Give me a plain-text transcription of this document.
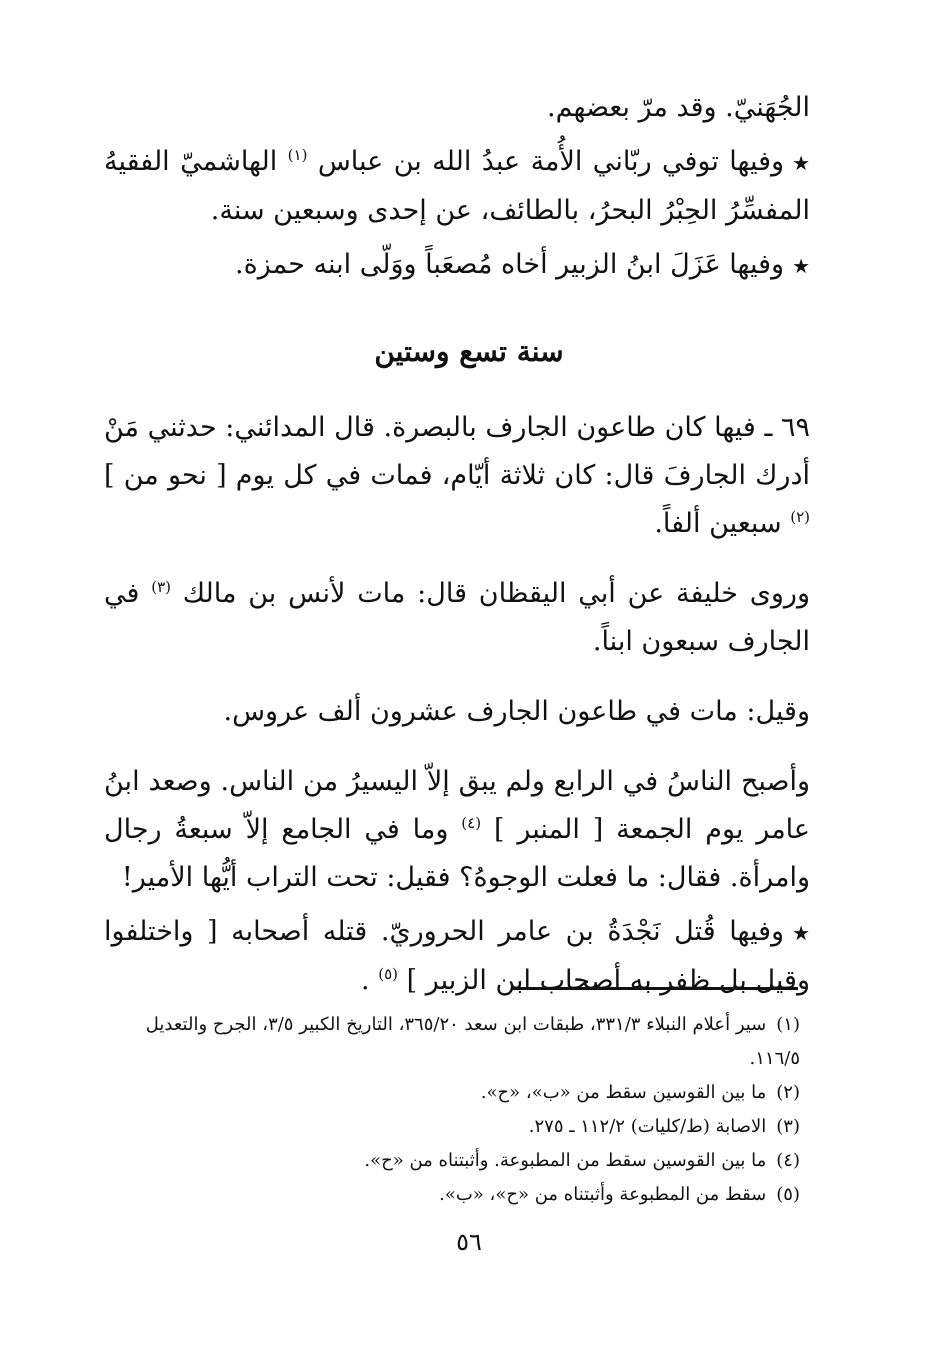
الجُهَنيّ. وقد مرّ بعضهم.

★وفيها توفي ربّاني الأُمة عبدُ الله بن عباس $^{(١)}$ الهاشميّ الفقيهُ المفسِّرُ الحِبْرُ البحرُ، بالطائف، عن إحدى وسبعين سنة.

★وفيها عَزَلَ ابنُ الزبير أخاه مُصعَباً ووَلّى ابنه حمزة.

سنة تسع وستين

٦٩ ـ فيها كان طاعون الجارف بالبصرة. قال المدائني: حدثني مَنْ أدرك الجارفَ قال: كان ثلاثة أيّام، فمات في كل يوم [ نحو من ] $^{(٢)}$ سبعين ألفاً.

وروى خليفة عن أبي اليقظان قال: مات لأنس بن مالك $^{(٣)}$ في الجارف سبعون ابناً.

وقيل: مات في طاعون الجارف عشرون ألف عروس.

وأصبح الناسُ في الرابع ولم يبق إلاّ اليسيرُ من الناس. وصعد ابنُ عامر يوم الجمعة [ المنبر ] $^{(٤)}$ وما في الجامع إلاّ سبعةُ رجال وامرأة. فقال: ما فعلت الوجوهُ؟ فقيل: تحت التراب أيُّها الأمير!

★وفيها قُتل نَجْدَةُ بن عامر الحروريّ. قتله أصحابه [ واختلفوا وقيل بل ظفر به أصحاب ابن الزبير ] $^{(٥)}$ .

(١)سير أعلام النبلاء ٣٣١/٣، طبقات ابن سعد ٣٦٥/٢٠، التاريخ الكبير ٣/٥، الجرح والتعديل ١١٦/٥.

(٢)ما بين القوسين سقط من «ب»، «ح».

(٣)الاصابة (ط/كليات) ١١٢/٢ ـ ٢٧٥.

(٤)ما بين القوسين سقط من المطبوعة. وأثبتناه من «ح».

(٥)سقط من المطبوعة وأثبتناه من «ح»، «ب».

٥٦
